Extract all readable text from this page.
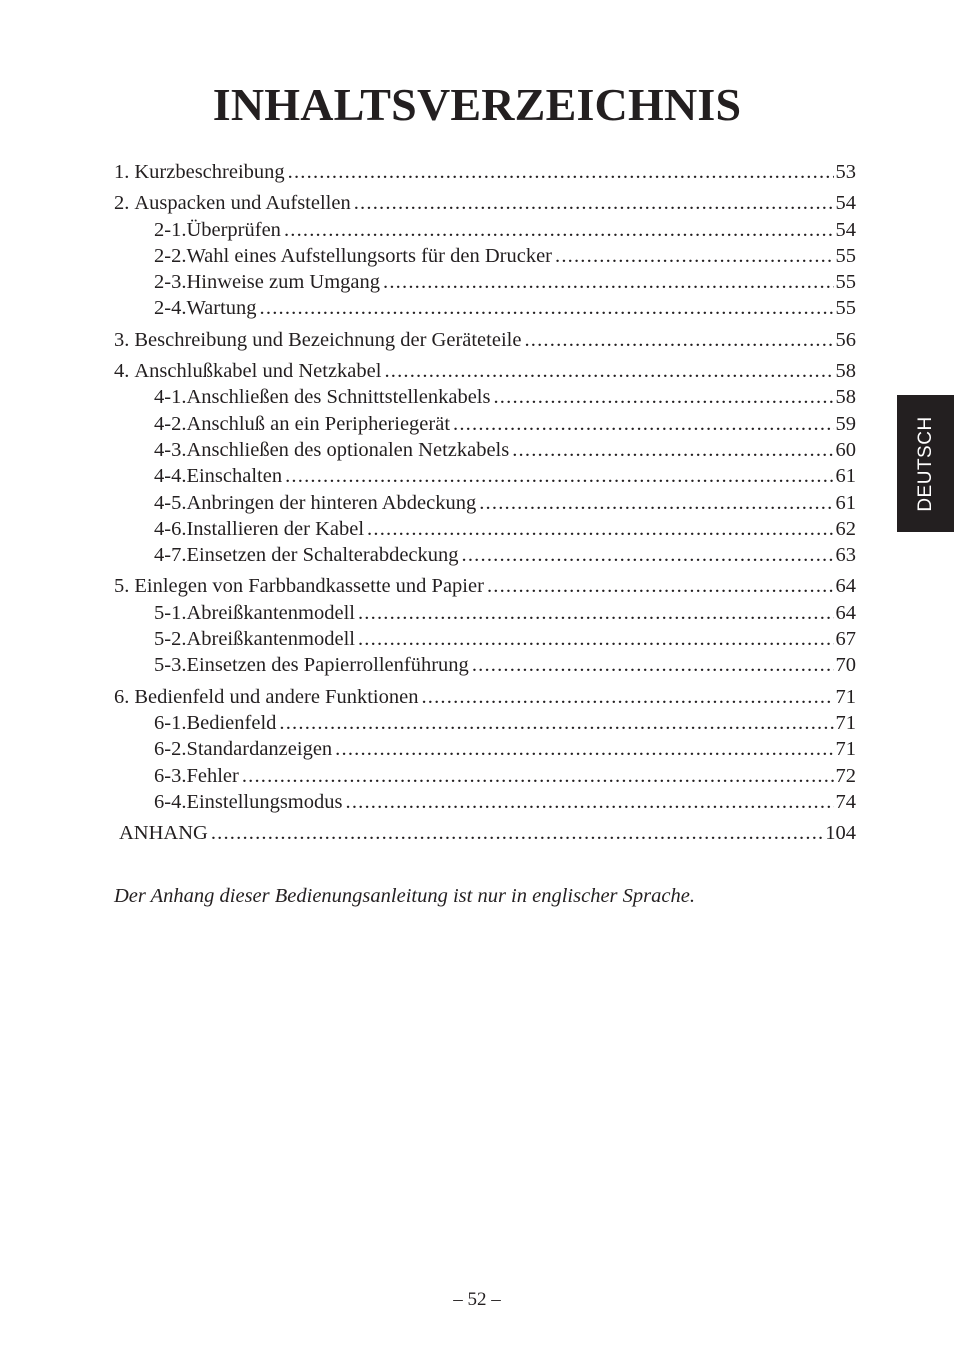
INHALTSVERZEICHNIS
1. Kurzbeschreibung .....	53
2. Auspacken und Aufstellen .....	54
2-1. Überprüfen .....	54
2-2. Wahl eines Aufstellungsorts für den Drucker .....	55
2-3. Hinweise zum Umgang .....	55
2-4. Wartung .....	55
3. Beschreibung und Bezeichnung der Geräteteile .....	56
4. Anschlußkabel und Netzkabel .....	58
4-1. Anschließen des Schnittstellenkabels .....	58
4-2. Anschluß an ein Peripheriegerät .....	59
4-3. Anschließen des optionalen Netzkabels .....	60
4-4. Einschalten .....	61
4-5. Anbringen der hinteren Abdeckung .....	61
4-6. Installieren der Kabel .....	62
4-7. Einsetzen der Schalterabdeckung .....	63
5. Einlegen von Farbbandkassette und Papier .....	64
5-1. Abreißkantenmodell .....	64
5-2. Abreißkantenmodell .....	67
5-3. Einsetzen des Papierrollenführung .....	70
6. Bedienfeld und andere Funktionen .....	71
6-1. Bedienfeld .....	71
6-2. Standardanzeigen .....	71
6-3. Fehler .....	72
6-4. Einstellungsmodus .....	74
ANHANG .....	104

Der Anhang dieser Bedienungsanleitung ist nur in englischer Sprache.

DEUTSCH
– 52 –
